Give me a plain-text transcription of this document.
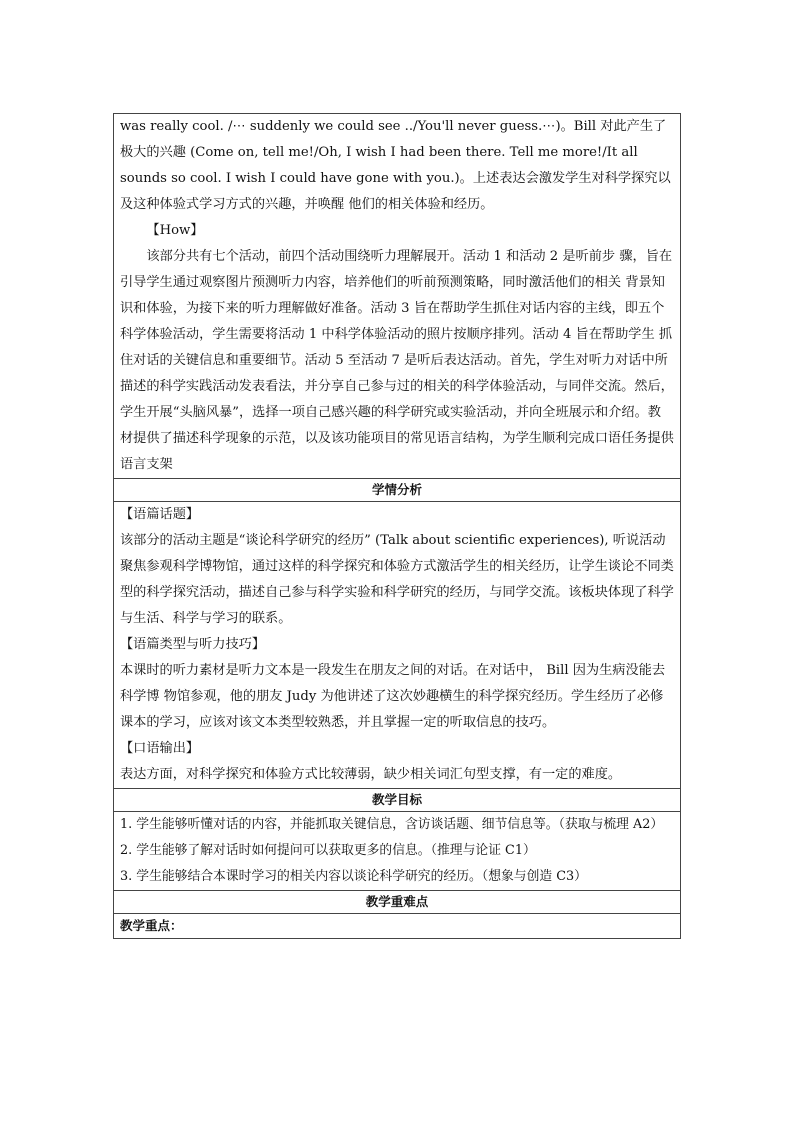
was really cool. /⋯ suddenly we could see ../You'll never guess.⋯)。Bill 对此产生了极大的兴趣 (Come on, tell me!/Oh, I wish I had been there. Tell me more!/It all sounds so cool. I wish I could have gone with you.)。上述表达会激发学生对科学探究以及这种体验式学习方式的兴趣，并唤醒 他们的相关体验和经历。

【How】

该部分共有七个活动，前四个活动围绕听力理解展开。活动 1 和活动 2 是听前步 骤，旨在引导学生通过观察图片预测听力内容，培养他们的听前预测策略，同时激活他们的相关 背景知识和体验，为接下来的听力理解做好准备。活动 3 旨在帮助学生抓住对话内容的主线，即五个科学体验活动，学生需要将活动 1 中科学体验活动的照片按顺序排列。活动 4 旨在帮助学生 抓住对话的关键信息和重要细节。活动 5 至活动 7 是听后表达活动。首先，学生对听力对话中所描述的科学实践活动发表看法，并分享自己参与过的相关的科学体验活动，与同伴交流。然后， 学生开展“头脑风暴”，选择一项自己感兴趣的科学研究或实验活动，并向全班展示和介绍。教材提供了描述科学现象的示范，以及该功能项目的常见语言结构，为学生顺利完成口语任务提供 语言支架

学情分析

【语篇话题】

该部分的活动主题是“谈论科学研究的经历” (Talk about scientific experiences), 听说活动聚焦参观科学博物馆，通过这样的科学探究和体验方式激活学生的相关经历，让学生谈论不同类型的科学探究活动，描述自己参与科学实验和科学研究的经历，与同学交流。该板块体现了科学与生活、科学与学习的联系。

【语篇类型与听力技巧】

本课时的听力素材是听力文本是一段发生在朋友之间的对话。在对话中， Bill 因为生病没能去科学博 物馆参观，他的朋友 Judy 为他讲述了这次妙趣横生的科学探究经历。学生经历了必修课本的学习，应该对该文本类型较熟悉，并且掌握一定的听取信息的技巧。

【口语输出】

表达方面，对科学探究和体验方式比较薄弱，缺少相关词汇句型支撑，有一定的难度。

教学目标

1. 学生能够听懂对话的内容，并能抓取关键信息，含访谈话题、细节信息等。（获取与梳理 A2）

2. 学生能够了解对话时如何提问可以获取更多的信息。（推理与论证 C1）

3. 学生能够结合本课时学习的相关内容以谈论科学研究的经历。（想象与创造 C3）

教学重难点
教学重点：
